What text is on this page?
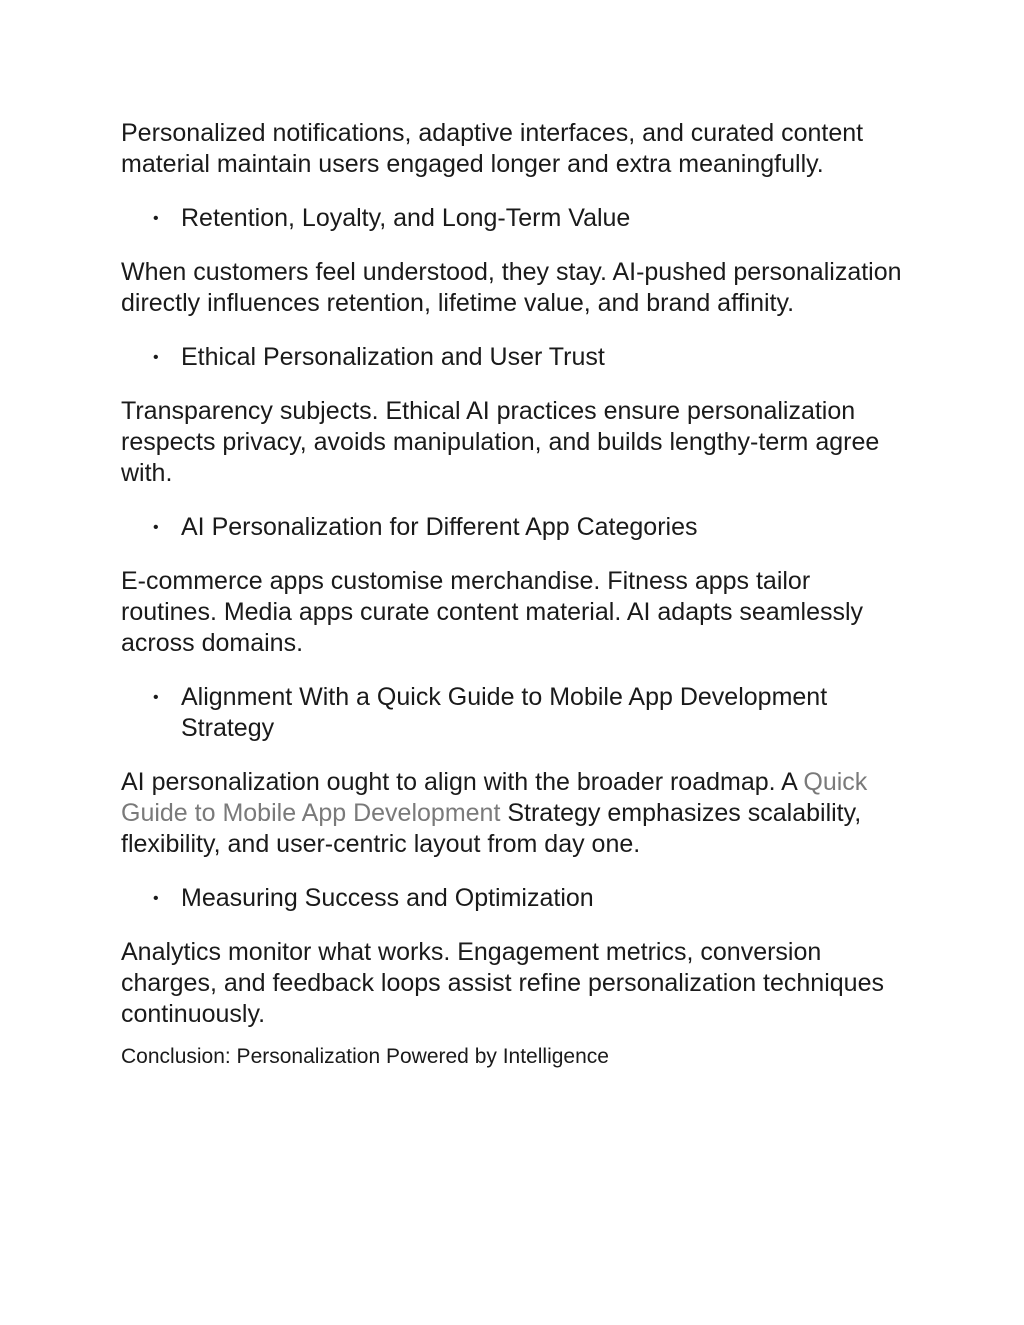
Personalized notifications, adaptive interfaces, and curated content material maintain users engaged longer and extra meaningfully.

• Retention, Loyalty, and Long-Term Value

When customers feel understood, they stay. AI-pushed personalization directly influences retention, lifetime value, and brand affinity.

• Ethical Personalization and User Trust

Transparency subjects. Ethical AI practices ensure personalization respects privacy, avoids manipulation, and builds lengthy-term agree with.

• AI Personalization for Different App Categories

E-commerce apps customise merchandise. Fitness apps tailor routines. Media apps curate content material. AI adapts seamlessly across domains.

• Alignment With a Quick Guide to Mobile App Development Strategy

AI personalization ought to align with the broader roadmap. A Quick Guide to Mobile App Development Strategy emphasizes scalability, flexibility, and user-centric layout from day one.

• Measuring Success and Optimization

Analytics monitor what works. Engagement metrics, conversion charges, and feedback loops assist refine personalization techniques continuously.

Conclusion: Personalization Powered by Intelligence
